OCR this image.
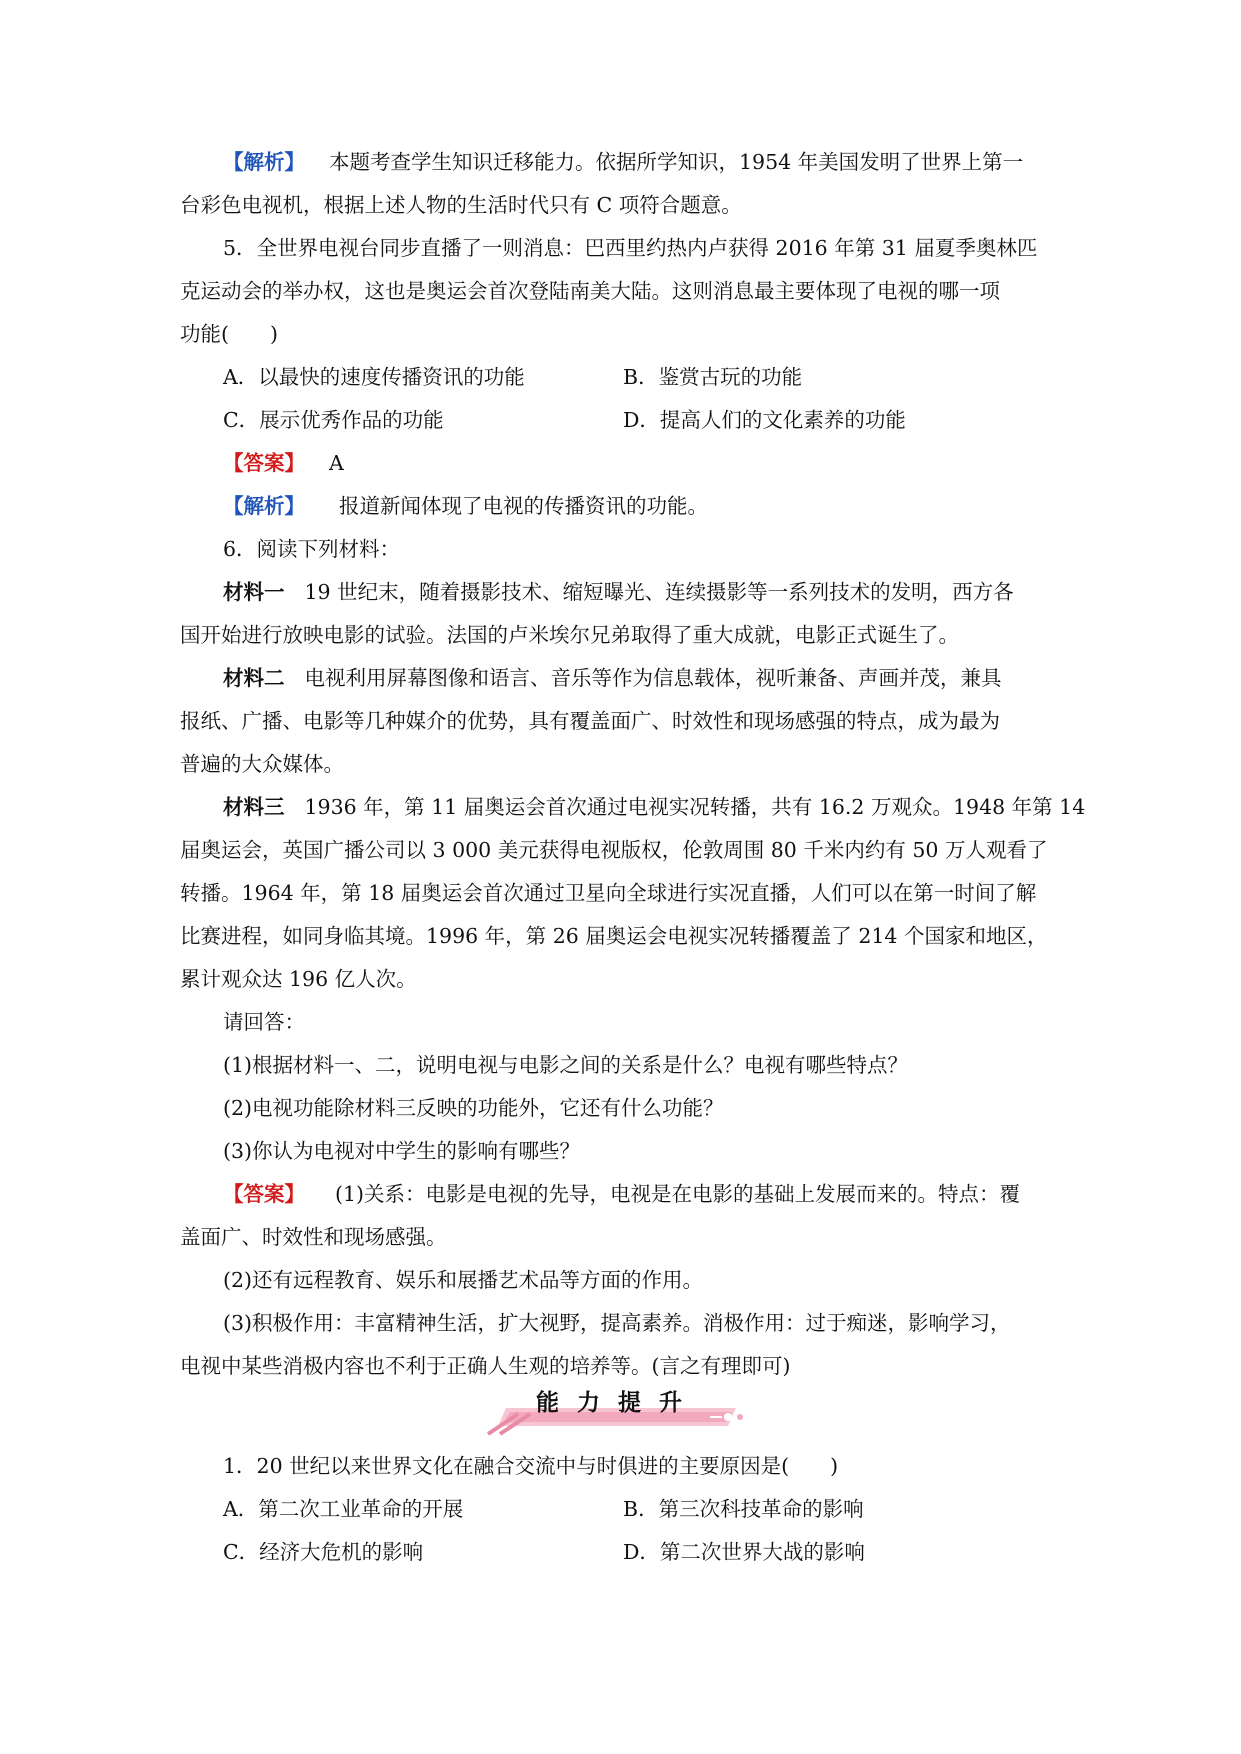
【解析】 本题考查学生知识迁移能力。依据所学知识，1954 年美国发明了世界上第一
台彩色电视机，根据上述人物的生活时代只有 C 项符合题意。
5．全世界电视台同步直播了一则消息：巴西里约热内卢获得 2016 年第 31 届夏季奥林匹
克运动会的举办权，这也是奥运会首次登陆南美大陆。这则消息最主要体现了电视的哪一项
功能(　　)
A．以最快的速度传播资讯的功能	B．鉴赏古玩的功能
C．展示优秀作品的功能	D．提高人们的文化素养的功能
【答案】 A
【解析】 报道新闻体现了电视的传播资讯的功能。
6．阅读下列材料：
材料一 19 世纪末，随着摄影技术、缩短曝光、连续摄影等一系列技术的发明，西方各
国开始进行放映电影的试验。法国的卢米埃尔兄弟取得了重大成就，电影正式诞生了。
材料二 电视利用屏幕图像和语言、音乐等作为信息载体，视听兼备、声画并茂，兼具
报纸、广播、电影等几种媒介的优势，具有覆盖面广、时效性和现场感强的特点，成为最为
普遍的大众媒体。
材料三 1936 年，第 11 届奥运会首次通过电视实况转播，共有 16.2 万观众。1948 年第 14
届奥运会，英国广播公司以 3 000 美元获得电视版权，伦敦周围 80 千米内约有 50 万人观看了
转播。1964 年，第 18 届奥运会首次通过卫星向全球进行实况直播，人们可以在第一时间了解
比赛进程，如同身临其境。1996 年，第 26 届奥运会电视实况转播覆盖了 214 个国家和地区，
累计观众达 196 亿人次。
请回答：
(1)根据材料一、二，说明电视与电影之间的关系是什么？电视有哪些特点？
(2)电视功能除材料三反映的功能外，它还有什么功能？
(3)你认为电视对中学生的影响有哪些？
【答案】 (1)关系：电影是电视的先导，电视是在电影的基础上发展而来的。特点：覆
盖面广、时效性和现场感强。
(2)还有远程教育、娱乐和展播艺术品等方面的作用。
(3)积极作用：丰富精神生活，扩大视野，提高素养。消极作用：过于痴迷，影响学习，
电视中某些消极内容也不利于正确人生观的培养等。(言之有理即可)
能力提升
1．20 世纪以来世界文化在融合交流中与时俱进的主要原因是(　　)
A．第二次工业革命的开展	B．第三次科技革命的影响
C．经济大危机的影响	D．第二次世界大战的影响
